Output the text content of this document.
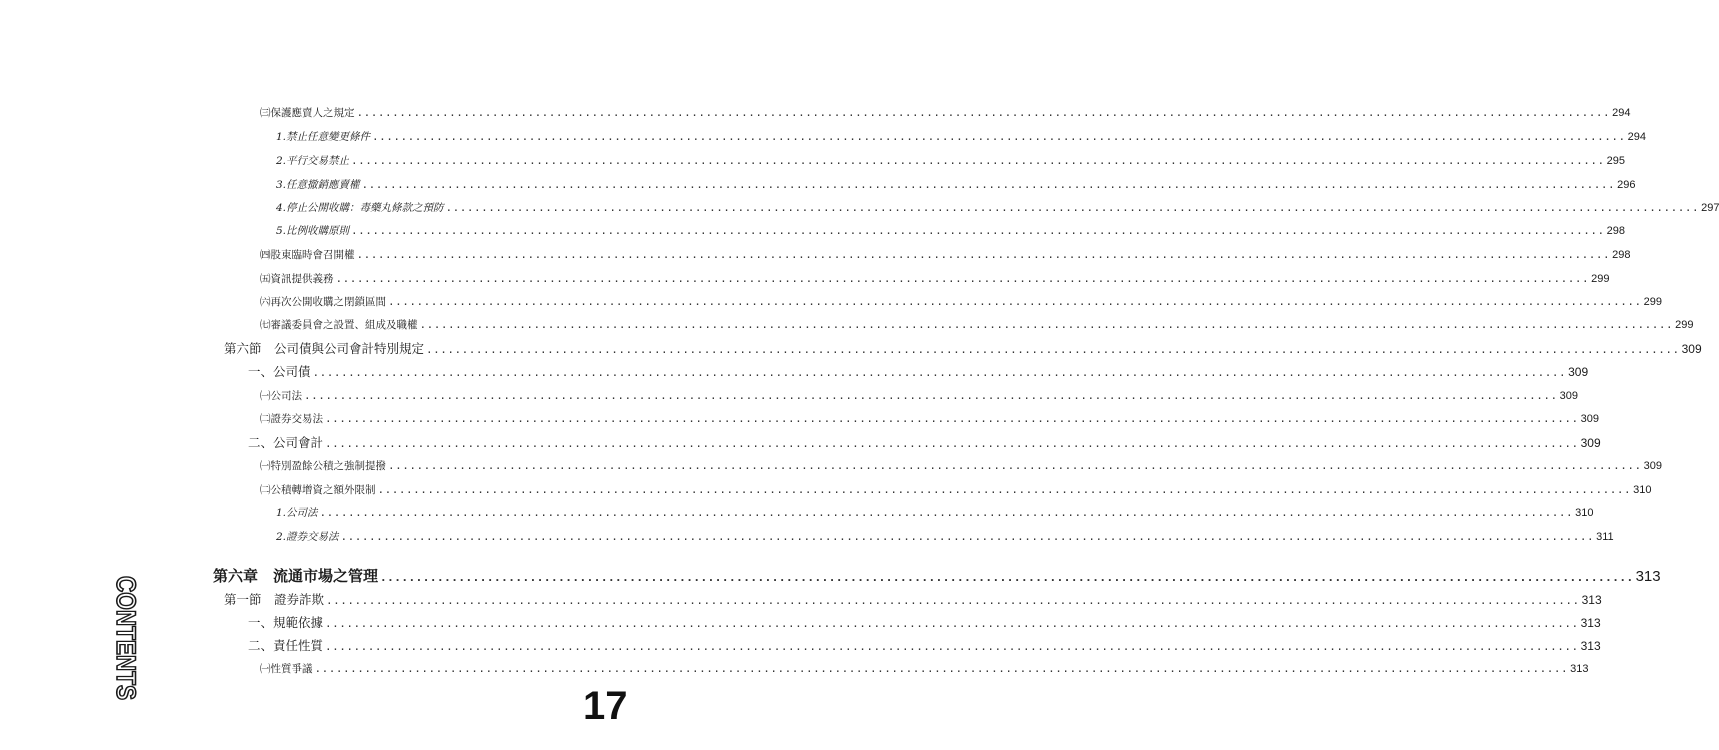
㈢保護應賣人之規定 .....	294
1.禁止任意變更條件 .....	294
2.平行交易禁止 .....	295
3.任意撤銷應賣權 .....	296
4.停止公開收購：毒藥丸條款之預防 .....	297
5.比例收購原則 .....	298
㈣股東臨時會召開權 .....	298
㈤資訊提供義務 .....	299
㈥再次公開收購之閉鎖區間 .....	299
㈦審議委員會之設置、組成及職權 .....	299
第六節　公司債與公司會計特別規定 .....	309
一、公司債 .....	309
㈠公司法 .....	309
㈡證券交易法 .....	309
二、公司會計 .....	309
㈠特別盈餘公積之強制提撥 .....	309
㈡公積轉增資之額外限制 .....	310
1.公司法 .....	310
2.證券交易法 .....	311
第六章　流通市場之管理 .....	313
第一節　證券詐欺 .....	313
一、規範依據 .....	313
二、責任性質 .....	313
㈠性質爭議 .....	313
CONTENTS	17
